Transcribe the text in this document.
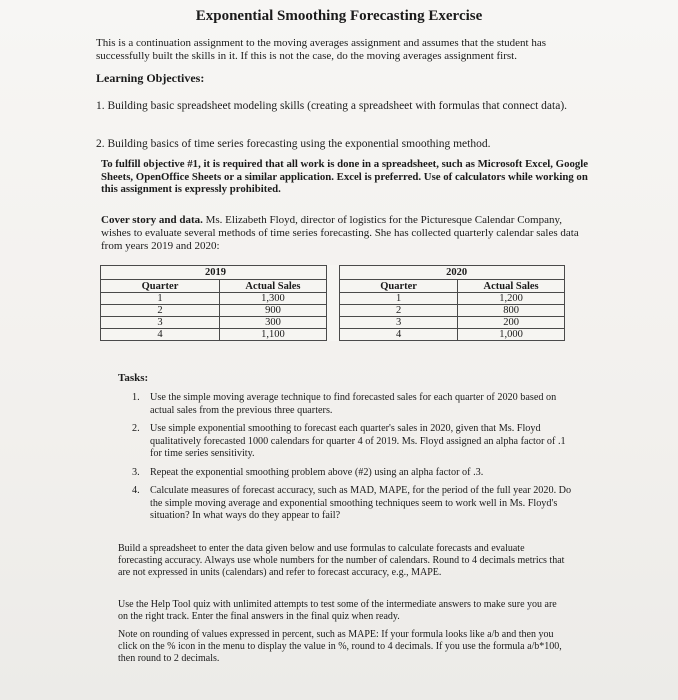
Exponential Smoothing Forecasting Exercise

This is a continuation assignment to the moving averages assignment and assumes that the student has successfully built the skills in it. If this is not the case, do the moving averages assignment first.

Learning Objectives:

1. Building basic spreadsheet modeling skills (creating a spreadsheet with formulas that connect data).

2. Building basics of time series forecasting using the exponential smoothing method.

To fulfill objective #1, it is required that all work is done in a spreadsheet, such as Microsoft Excel, Google Sheets, OpenOffice Sheets or a similar application. Excel is preferred. Use of calculators while working on this assignment is expressly prohibited.

Cover story and data. Ms. Elizabeth Floyd, director of logistics for the Picturesque Calendar Company, wishes to evaluate several methods of time series forecasting. She has collected quarterly calendar sales data from years 2019 and 2020:

2019			2020	
Quarter	Actual Sales		Quarter	Actual Sales
1	1,300		1	1,200
2	900		2	800
3	300		3	200
4	1,100		4	1,000

Tasks:

1. Use the simple moving average technique to find forecasted sales for each quarter of 2020 based on actual sales from the previous three quarters.
2. Use simple exponential smoothing to forecast each quarter's sales in 2020, given that Ms. Floyd qualitatively forecasted 1000 calendars for quarter 4 of 2019. Ms. Floyd assigned an alpha factor of .1 for time series sensitivity.
3. Repeat the exponential smoothing problem above (#2) using an alpha factor of .3.
4. Calculate measures of forecast accuracy, such as MAD, MAPE, for the period of the full year 2020. Do the simple moving average and exponential smoothing techniques seem to work well in Ms. Floyd's situation? In what ways do they appear to fail?

Build a spreadsheet to enter the data given below and use formulas to calculate forecasts and evaluate forecasting accuracy. Always use whole numbers for the number of calendars. Round to 4 decimals metrics that are not expressed in units (calendars) and refer to forecast accuracy, e.g., MAPE.

Use the Help Tool quiz with unlimited attempts to test some of the intermediate answers to make sure you are on the right track. Enter the final answers in the final quiz when ready.

Note on rounding of values expressed in percent, such as MAPE: If your formula looks like a/b and then you click on the % icon in the menu to display the value in %, round to 4 decimals. If you use the formula a/b*100, then round to 2 decimals.
